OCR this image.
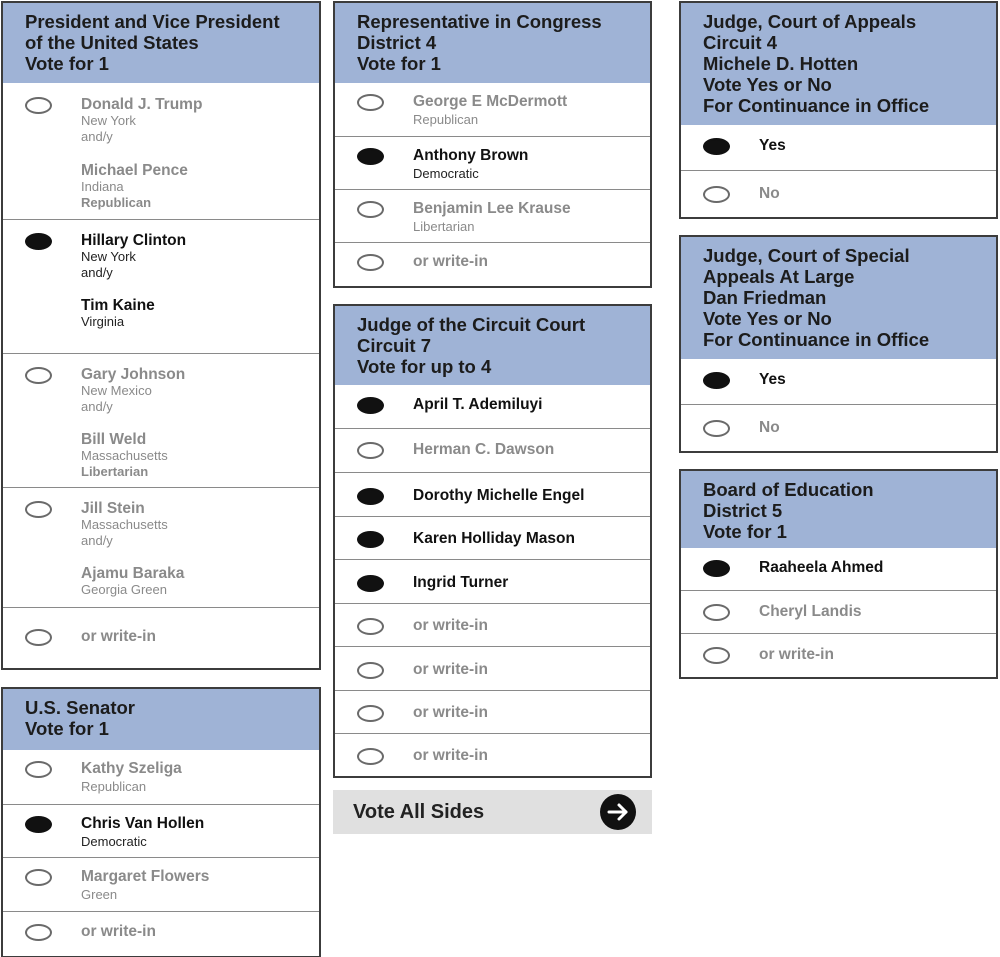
President and Vice President
of the United States
Vote for 1
Donald J. Trump
New York
and/y
Michael Pence
Indiana
Republican
Hillary Clinton
New York
and/y
Tim Kaine
Virginia
Gary Johnson
New Mexico
and/y
Bill Weld
Massachusetts
Libertarian
Jill Stein
Massachusetts
and/y
Ajamu Baraka
Georgia Green
or write-in
U.S. Senator
Vote for 1
Kathy Szeliga
Republican
Chris Van Hollen
Democratic
Margaret Flowers
Green
or write-in
Representative in Congress
District 4
Vote for 1
George E McDermott
Republican
Anthony Brown
Democratic
Benjamin Lee Krause
Libertarian
or write-in
Judge of the Circuit Court
Circuit 7
Vote for up to 4
April T. Ademiluyi
Herman C. Dawson
Dorothy Michelle Engel
Karen Holliday Mason
Ingrid Turner
or write-in
or write-in
or write-in
or write-in
Judge, Court of Appeals
Circuit 4
Michele D. Hotten
Vote Yes or No
For Continuance in Office
Yes
No
Judge, Court of Special
Appeals At Large
Dan Friedman
Vote Yes or No
For Continuance in Office
Yes
No
Board of Education
District 5
Vote for 1
Raaheela Ahmed
Cheryl Landis
or write-in
Vote All Sides
